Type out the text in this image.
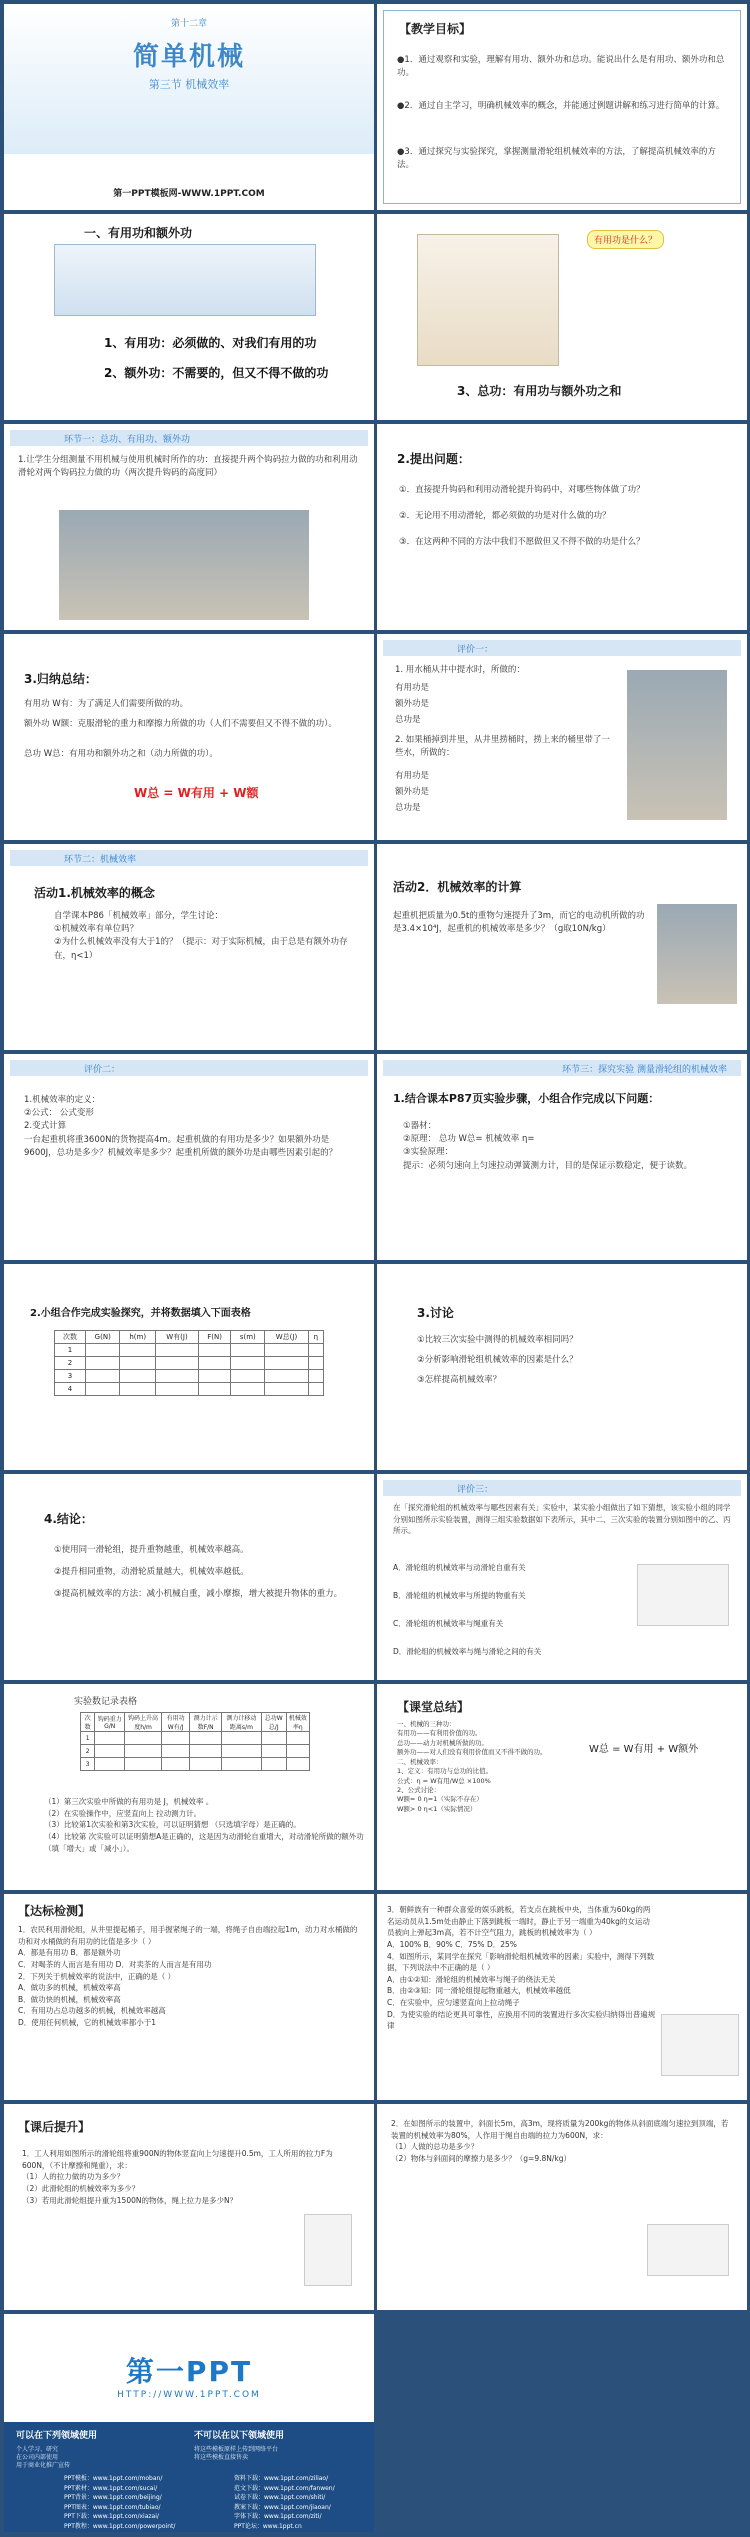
第十二章
简单机械
第三节 机械效率
第一PPT模板网-WWW.1PPT.COM
【教学目标】
●1．通过观察和实验，理解有用功、额外功和总功。能说出什么是有用功、额外功和总功。
●2．通过自主学习，明确机械效率的概念，并能通过例题讲解和练习进行简单的计算。
●3．通过探究与实验探究，掌握测量滑轮组机械效率的方法，了解提高机械效率的方法。
一、有用功和额外功
1、有用功：必须做的、对我们有用的功
2、额外功：不需要的，但又不得不做的功
有用功是什么？
3、总功：有用功与额外功之和
环节一：总功、有用功、额外功
1.让学生分组测量不用机械与使用机械时所作的功：直接提升两个钩码拉力做的功和利用动滑轮对两个钩码拉力做的功（两次提升钩码的高度同）
2.提出问题：
①．直接提升钩码和利用动滑轮提升钩码中，对哪些物体做了功？
②．无论用不用动滑轮，都必须做的功是对什么做的功？
③．在这两种不同的方法中我们不愿做但又不得不做的功是什么？
3.归纳总结：
有用功 W有：为了满足人们需要所做的功。
额外功 W额：克服滑轮的重力和摩擦力所做的功（人们不需要但又不得不做的功）。
总功 W总：有用功和额外功之和（动力所做的功）。
W总 = W有用 + W额
评价一：
1. 用水桶从井中提水时，所做的：
有用功是
额外功是
总功是
2. 如果桶掉到井里，从井里捞桶时，捞上来的桶里带了一些水，所做的：
有用功是
额外功是
总功是
环节二：机械效率
活动1.机械效率的概念
自学课本P86「机械效率」部分，学生讨论：
①机械效率有单位吗？
②为什么机械效率没有大于1的？（提示：对于实际机械，由于总是有额外功存在，η<1）
活动2．机械效率的计算
起重机把质量为0.5t的重物匀速提升了3m，而它的电动机所做的功是3.4×10⁴J，起重机的机械效率是多少？（g取10N/kg）
评价二：
1.机械效率的定义：
②公式： 公式变形
2.变式计算
一台起重机将重3600N的货物提高4m。起重机做的有用功是多少？如果额外功是9600J，总功是多少？机械效率是多少？起重机所做的额外功是由哪些因素引起的？
环节三：探究实验 测量滑轮组的机械效率
1.结合课本P87页实验步骤，小组合作完成以下问题：
①器材：
②原理： 总功 W总= 机械效率 η=
③实验原理：
提示：必须匀速向上匀速拉动弹簧测力计，目的是保证示数稳定，便于读数。
2.小组合作完成实验探究，并将数据填入下面表格
次数	G(N)	h(m)	W有(J)	F(N)	s(m)	W总(J)	η
1							
2							
3							
4							
3.讨论
①比较三次实验中测得的机械效率相同吗？
②分析影响滑轮组机械效率的因素是什么？
③怎样提高机械效率？
4.结论：
①使用同一滑轮组，提升重物越重，机械效率越高。
②提升相同重物，动滑轮质量越大，机械效率越低。
③提高机械效率的方法：减小机械自重，减小摩擦，增大被提升物体的重力。
评价三：
在「探究滑轮组的机械效率与哪些因素有关」实验中，某实验小组做出了如下猜想，该实验小组的同学分别如图所示实验装置，测得三组实验数据如下表所示，其中二、三次实验的装置分别如图中的乙、丙所示。
A．滑轮组的机械效率与动滑轮自重有关
B．滑轮组的机械效率与所提的物重有关
C．滑轮组的机械效率与绳重有关
D．滑轮组的机械效率与绳与滑轮之间的有关
实验数记录表格
次数	钩码重力G/N	钩码上升高度h/m	有用功W有/J	测力计示数F/N	测力计移动距离s/m	总功W总/J	机械效率η
1							
2							
3							
（1）第三次实验中所做的有用功是 J，机械效率 。
（2）在实验操作中，应竖直向上 拉动测力计。
（3）比较第1次实验和第3次实验，可以证明猜想 （只选填字母）是正确的。
（4）比较第 次实验可以证明猜想A是正确的，这是因为动滑轮自重增大，对动滑轮所做的额外功 （填「增大」或「减小」）。
【课堂总结】
一、机械的三种功：
有用功——有利用价值的功。
总功——动力对机械所做的功。
额外功——对人们没有利用价值而又不得不做的功。
二、机械效率：
1、定义：有用功与总功的比值。
公式：η = W有用/W总 ×100%
2、公式讨论：
W额= 0 η=1（实际不存在）
W额> 0 η<1（实际情况）
W总 = W有用 + W额外
【达标检测】
1．农民利用滑轮组，从井里提起桶子，用手握紧绳子的一端，将绳子自由端拉起1m，动力对水桶做的功和对水桶做的有用功的比值是多少（ ）
A．都是有用功 B．都是额外功
C．对喝茶的人而言是有用功 D．对卖茶的人而言是有用功
2．下列关于机械效率的说法中，正确的是（ ）
A．做功多的机械，机械效率高
B．做功快的机械，机械效率高
C．有用功占总功越多的机械，机械效率越高
D．使用任何机械，它的机械效率都小于1
3．朝鲜族有一种群众喜爱的娱乐跳板，若支点在跳板中央，当体重为60kg的两名运动员从1.5m处由静止下落到跳板一端时，静止于另一端重为40kg的女运动员被向上弹起3m高，若不计空气阻力，跳板的机械效率为（ ）
A．100% B．90% C．75% D．25%
4．如图所示，某同学在探究「影响滑轮组机械效率的因素」实验中，测得下列数据，下列说法中不正确的是（ ）
A．由①②知：滑轮组的机械效率与绳子的绕法无关
B．由②③知：同一滑轮组提起物重越大，机械效率越低
C．在实验中，应匀速竖直向上拉动绳子
D．为使实验的结论更具可靠性，应换用不同的装置进行多次实验归纳得出普遍规律
【课后提升】
1．工人利用如图所示的滑轮组将重900N的物体竖直向上匀速提升0.5m，工人所用的拉力F为600N，（不计摩擦和绳重），求：
（1）人的拉力做的功为多少？
（2）此滑轮组的机械效率为多少？
（3）若用此滑轮组提升重为1500N的物体，绳上拉力是多少N？
2．在如图所示的装置中，斜面长5m，高3m，现将质量为200kg的物体从斜面底端匀速拉到顶端，若装置的机械效率为80%，人作用于绳自由端的拉力为600N，求：
（1）人做的总功是多少？
（2）物体与斜面间的摩擦力是多少？（g=9.8N/kg）
第一PPT
HTTP://WWW.1PPT.COM
可以在下列领域使用
个人学习、研究
在公司内部使用
用于商业化推广宣传
不可以在以下领域使用
将这些模板原样上传到网络平台
将这些模板直接售卖
PPT模板：www.1ppt.com/moban/
PPT素材：www.1ppt.com/sucai/
PPT背景：www.1ppt.com/beijing/
PPT图表：www.1ppt.com/tubiao/
PPT下载：www.1ppt.com/xiazai/
PPT教程：www.1ppt.com/powerpoint/
资料下载：www.1ppt.com/ziliao/
范文下载：www.1ppt.com/fanwen/
试卷下载：www.1ppt.com/shiti/
教案下载：www.1ppt.com/jiaoan/
字体下载：www.1ppt.com/ziti/
PPT论坛：www.1ppt.cn
